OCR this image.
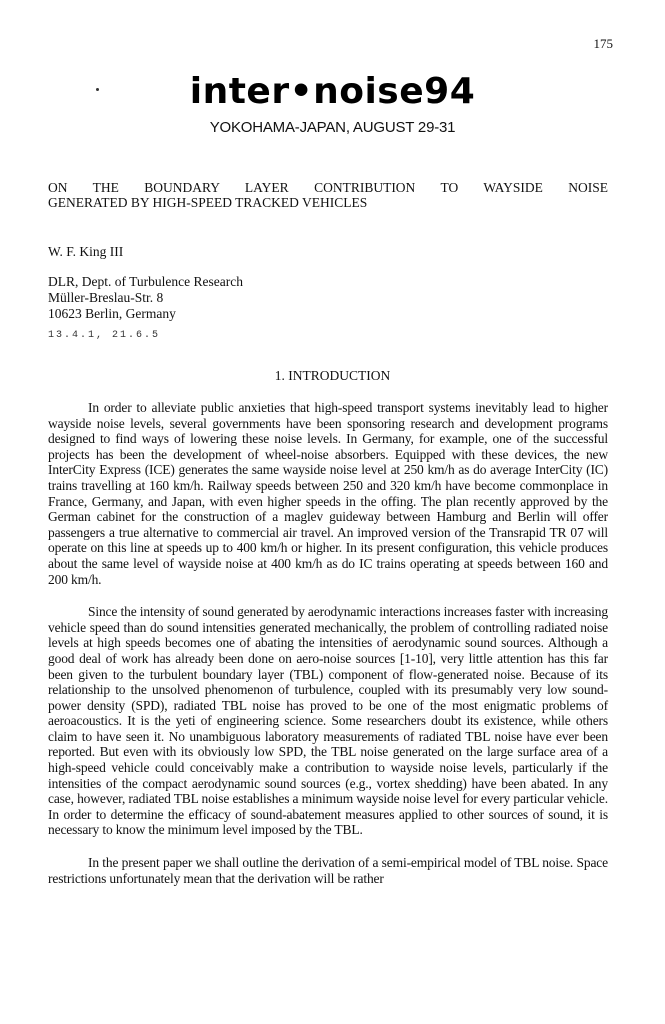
175
inter•noise94
YOKOHAMA-JAPAN, AUGUST 29-31
ON THE BOUNDARY LAYER CONTRIBUTION TO WAYSIDE NOISE
GENERATED BY HIGH-SPEED TRACKED VEHICLES
W. F. King III
DLR, Dept. of Turbulence Research
Müller-Breslau-Str. 8
10623 Berlin, Germany
13.4.1, 21.6.5
1. INTRODUCTION

In order to alleviate public anxieties that high-speed transport systems inevitably lead to higher wayside noise levels, several governments have been sponsoring research and development programs designed to find ways of lowering these noise levels. In Germany, for example, one of the successful projects has been the development of wheel-noise absorbers. Equipped with these devices, the new InterCity Express (ICE) generates the same wayside noise level at 250 km/h as do average InterCity (IC) trains travelling at 160 km/h. Railway speeds between 250 and 320 km/h have become commonplace in France, Germany, and Japan, with even higher speeds in the offing. The plan recently approved by the German cabinet for the construction of a maglev guideway between Hamburg and Berlin will offer passengers a true alternative to commercial air travel. An improved version of the Transrapid TR 07 will operate on this line at speeds up to 400 km/h or higher. In its present configuration, this vehicle produces about the same level of wayside noise at 400 km/h as do IC trains operating at speeds between 160 and 200 km/h.

Since the intensity of sound generated by aerodynamic interactions increases faster with increasing vehicle speed than do sound intensities generated mechanically, the problem of controlling radiated noise levels at high speeds becomes one of abating the intensities of aerodynamic sound sources. Although a good deal of work has already been done on aero-noise sources [1-10], very little attention has this far been given to the turbulent boundary layer (TBL) component of flow-generated noise. Because of its relationship to the unsolved phenomenon of turbulence, coupled with its presumably very low sound-power density (SPD), radiated TBL noise has proved to be one of the most enigmatic problems of aeroacoustics. It is the yeti of engineering science. Some researchers doubt its existence, while others claim to have seen it. No unambiguous laboratory measurements of radiated TBL noise have ever been reported. But even with its obviously low SPD, the TBL noise generated on the large surface area of a high-speed vehicle could conceivably make a contribution to wayside noise levels, particularly if the intensities of the compact aerodynamic sound sources (e.g., vortex shedding) have been abated. In any case, however, radiated TBL noise establishes a minimum wayside noise level for every particular vehicle. In order to determine the efficacy of sound-abatement measures applied to other sources of sound, it is necessary to know the minimum level imposed by the TBL.

In the present paper we shall outline the derivation of a semi-empirical model of TBL noise. Space restrictions unfortunately mean that the derivation will be rather
